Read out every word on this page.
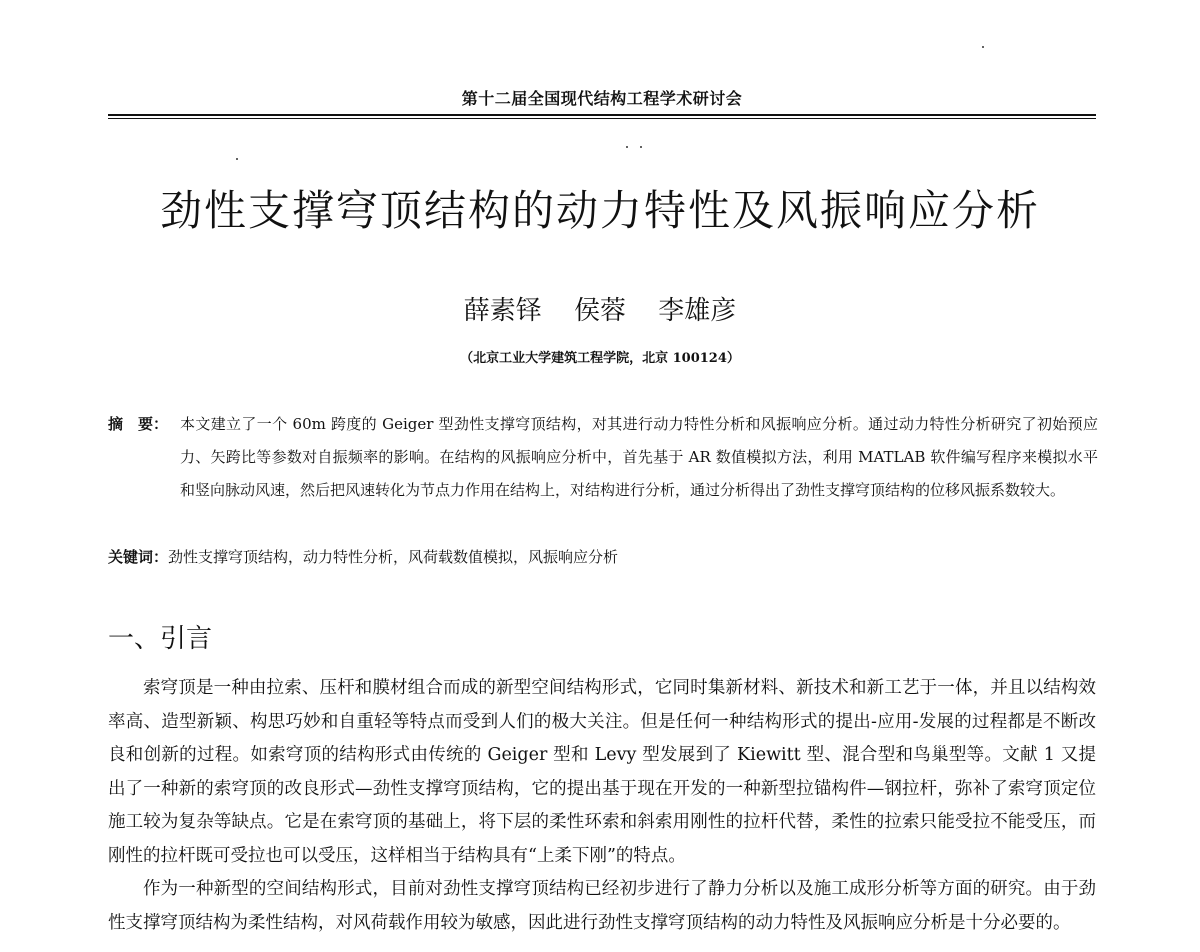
第十二届全国现代结构工程学术研讨会
劲性支撑穹顶结构的动力特性及风振响应分析
薛素铎 侯蓉 李雄彦
（北京工业大学建筑工程学院，北京 100124）
摘　要： 本文建立了一个 60m 跨度的 Geiger 型劲性支撑穹顶结构，对其进行动力特性分析和风振响应分析。通过动力特性分析研究了初始预应力、矢跨比等参数对自振频率的影响。在结构的风振响应分析中，首先基于 AR 数值模拟方法，利用 MATLAB 软件编写程序来模拟水平和竖向脉动风速，然后把风速转化为节点力作用在结构上，对结构进行分析，通过分析得出了劲性支撑穹顶结构的位移风振系数较大。
关键词：劲性支撑穹顶结构，动力特性分析，风荷载数值模拟，风振响应分析
一、引言

索穹顶是一种由拉索、压杆和膜材组合而成的新型空间结构形式，它同时集新材料、新技术和新工艺于一体，并且以结构效率高、造型新颖、构思巧妙和自重轻等特点而受到人们的极大关注。但是任何一种结构形式的提出-应用-发展的过程都是不断改良和创新的过程。如索穹顶的结构形式由传统的 Geiger 型和 Levy 型发展到了 Kiewitt 型、混合型和鸟巢型等。文献 1 又提出了一种新的索穹顶的改良形式—劲性支撑穹顶结构，它的提出基于现在开发的一种新型拉锚构件—钢拉杆，弥补了索穹顶定位施工较为复杂等缺点。它是在索穹顶的基础上，将下层的柔性环索和斜索用刚性的拉杆代替，柔性的拉索只能受拉不能受压，而刚性的拉杆既可受拉也可以受压，这样相当于结构具有“上柔下刚”的特点。

作为一种新型的空间结构形式，目前对劲性支撑穹顶结构已经初步进行了静力分析以及施工成形分析等方面的研究。由于劲性支撑穹顶结构为柔性结构，对风荷载作用较为敏感，因此进行劲性支撑穹顶结构的动力特性及风振响应分析是十分必要的。
